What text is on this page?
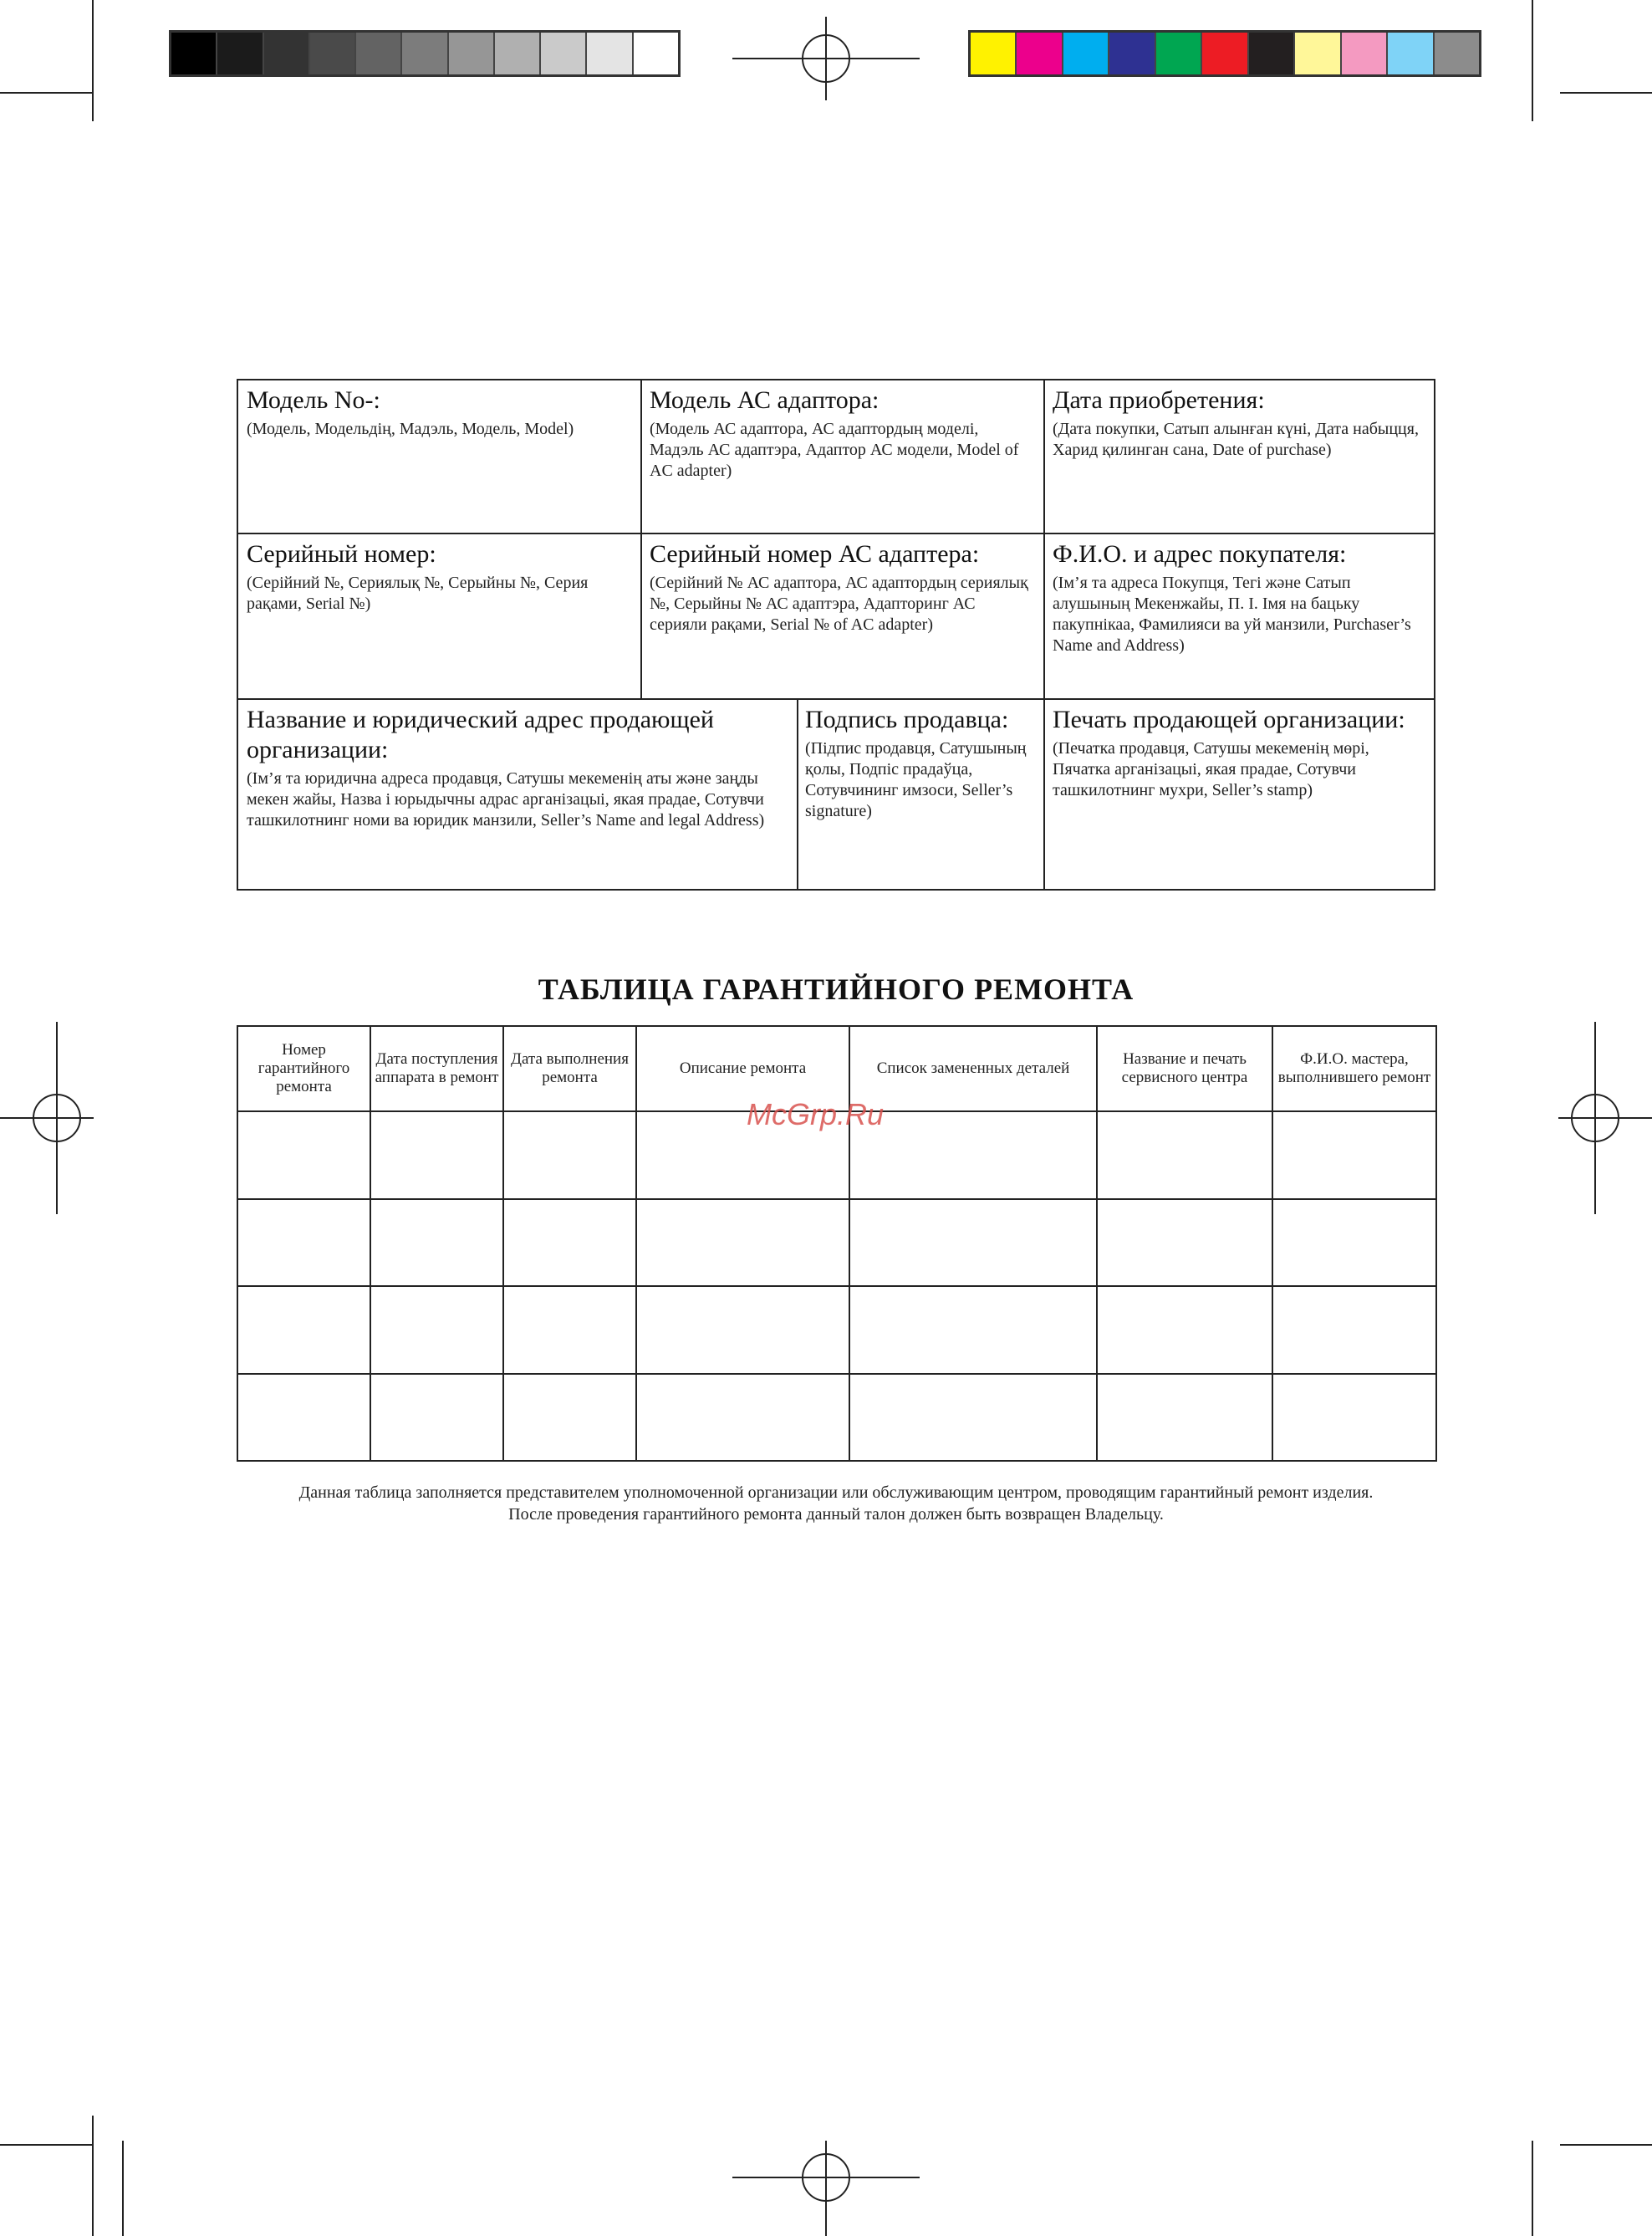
Модель No-:
(Модель, Модельдің, Мадэль, Модель, Model)
Модель АС адаптора:
(Модель АС адаптора, АС адаптордың моделі, Мадэль АС адаптэра, Адаптор АС модели, Model of AC adapter)
Дата приобретения:
(Дата покупки, Сатып алынған күні, Дата набыцця, Харид қилинган сана, Date of purchase)
Серийный номер:
(Серійний №, Сериялық №, Серыйны №, Серия рақами, Serial №)
Серийный номер АС адаптера:
(Серійний № АС адаптора, АС адаптордың сериялық №, Серыйны № АС адаптэра, Адапторинг АС серияли рақами, Serial № of AC adapter)
Ф.И.О. и адрес покупателя:
(Ім’я та адреса Покупця, Тегі және Сатып алушының Мекенжайы, П. І. Імя на бацьку пакупнікаа, Фамилияси ва уй манзили, Purchaser’s Name and Address)
Название и юридический адрес продающей организации:
(Ім’я та юридична адреса продавця, Сатушы мекеменің аты және заңды мекен жайы, Назва і юрыдычны адрас арганізацыі, якая прадае, Сотувчи ташкилотнинг номи ва юридик манзили, Seller’s Name and legal Address)
Подпись продавца:
(Підпис продавця, Сатушының қолы, Подпіс прадаўца, Сотувчининг имзоси, Seller’s signature)
Печать продающей организации:
(Печатка продавця, Сатушы мекеменің мөрі, Пячатка арганізацыі, якая прадае, Сотувчи ташкилотнинг мухри, Seller’s stamp)
ТАБЛИЦА ГАРАНТИЙНОГО РЕМОНТА
Номер гарантийного ремонта	Дата поступления аппарата в ремонт	Дата выполнения ремонта	Описание ремонта	Список замененных деталей	Название и печать сервисного центра	Ф.И.О. мастера, выполнившего ремонт

McGrp.Ru
Данная таблица заполняется представителем уполномоченной организации или обслуживающим центром, проводящим гарантийный ремонт изделия.
После проведения гарантийного ремонта данный талон должен быть возвращен Владельцу.
